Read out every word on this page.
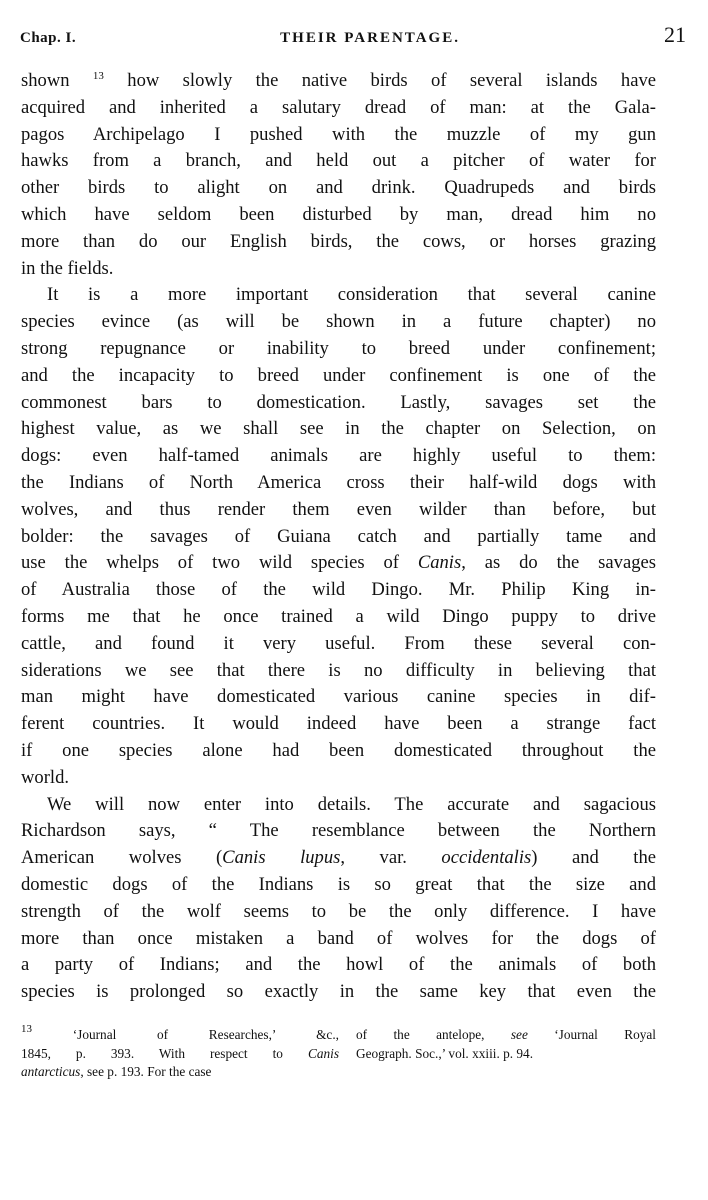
Chap. I.	THEIR PARENTAGE.	21

shown $^{13}$ how slowly the native birds of several islands have
acquired and inherited a salutary dread of man: at the Gala-
pagos Archipelago I pushed with the muzzle of my gun
hawks from a branch, and held out a pitcher of water for
other birds to alight on and drink. Quadrupeds and birds
which have seldom been disturbed by man, dread him no
more than do our English birds, the cows, or horses grazing
in the fields.

It is a more important consideration that several canine

species evince (as will be shown in a future chapter) no
strong repugnance or inability to breed under confinement;
and the incapacity to breed under confinement is one of the
commonest bars to domestication. Lastly, savages set the
highest value, as we shall see in the chapter on Selection, on
dogs: even half-tamed animals are highly useful to them:
the Indians of North America cross their half-wild dogs with
wolves, and thus render them even wilder than before, but
bolder: the savages of Guiana catch and partially tame and
use the whelps of two wild species of Canis, as do the savages
of Australia those of the wild Dingo. Mr. Philip King in-
forms me that he once trained a wild Dingo puppy to drive
cattle, and found it very useful. From these several con-
siderations we see that there is no difficulty in believing that
man might have domesticated various canine species in dif-
ferent countries. It would indeed have been a strange fact
if one species alone had been domesticated throughout the
world.

We will now enter into details. The accurate and sagacious

Richardson says, “ The resemblance between the Northern
American wolves (Canis lupus, var. occidentalis) and the
domestic dogs of the Indians is so great that the size and
strength of the wolf seems to be the only difference. I have
more than once mistaken a band of wolves for the dogs of
a party of Indians; and the howl of the animals of both
species is prolonged so exactly in the same key that even the

$^{13}$ ‘Journal of Researches,’ &c.,
1845, p. 393. With respect to Canis
antarcticus, see p. 193. For the case
of the antelope, see ‘Journal Royal
Geograph. Soc.,’ vol. xxiii. p. 94.
